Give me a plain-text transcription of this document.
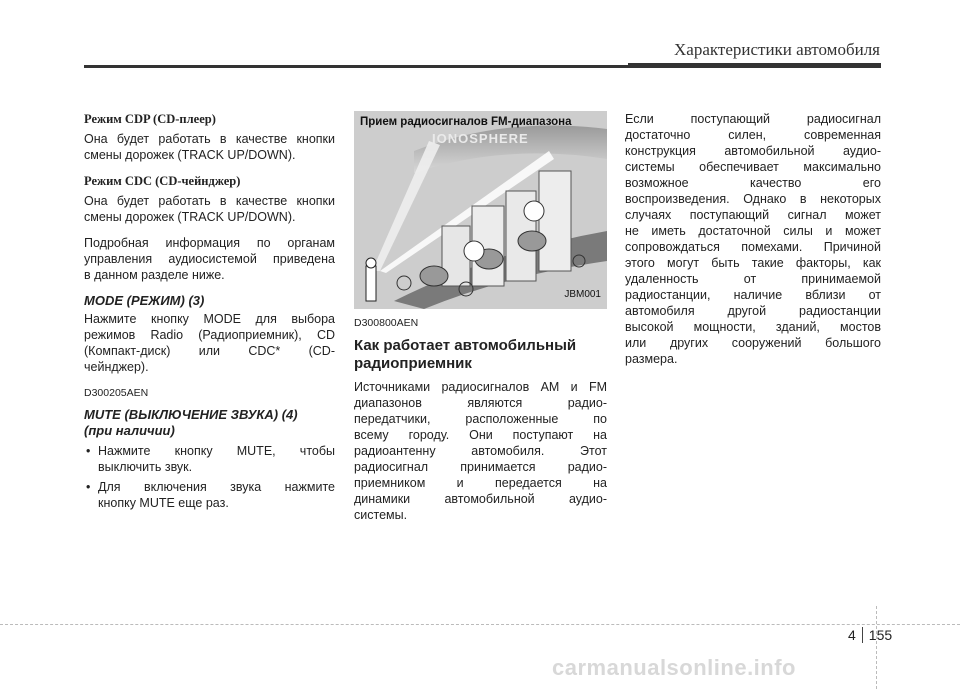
Характеристики автомобиля
Режим CDP (CD-плеер)
Она будет работать в качестве кнопки
смены дорожек (TRACK UP/DOWN).
Режим CDC (CD-чейнджер)
Она будет работать в качестве кнопки
смены дорожек (TRACK UP/DOWN).
Подробная информация по органам
управления аудиосистемой приведена
в данном разделе ниже.
MODE (РЕЖИМ) (3)
Нажмите кнопку MODE для выбора
режимов Radio (Радиоприемник), CD
(Компакт-диск) или CDC* (CD-
чейнджер).
D300205AEN
MUTE (ВЫКЛЮЧЕНИЕ ЗВУКА) (4)
(при наличии)
• Нажмите кнопку MUTE, чтобы
выключить звук.
• Для включения звука нажмите
кнопку MUTE еще раз.
Прием радиосигналов FM-диапазона
IONOSPHERE
JBM001
D300800AEN
Как работает автомобильный
радиоприемник
Источниками радиосигналов AM и FM
диапазонов являются радио-
передатчики, расположенные по
всему городу. Они поступают на
радиоантенну автомобиля. Этот
радиосигнал принимается радио-
приемником и передается на
динамики автомобильной аудио-
системы.
Если поступающий радиосигнал
достаточно силен, современная
конструкция автомобильной аудио-
системы обеспечивает максимально
возможное качество его
воспроизведения. Однако в некоторых
случаях поступающий сигнал может
не иметь достаточной силы и может
сопровождаться помехами. Причиной
этого могут быть такие факторы, как
удаленность от принимаемой
радиостанции, наличие вблизи от
автомобиля другой радиостанции
высокой мощности, зданий, мостов
или других сооружений большого
размера.
4 155
carmanualsonline.info
